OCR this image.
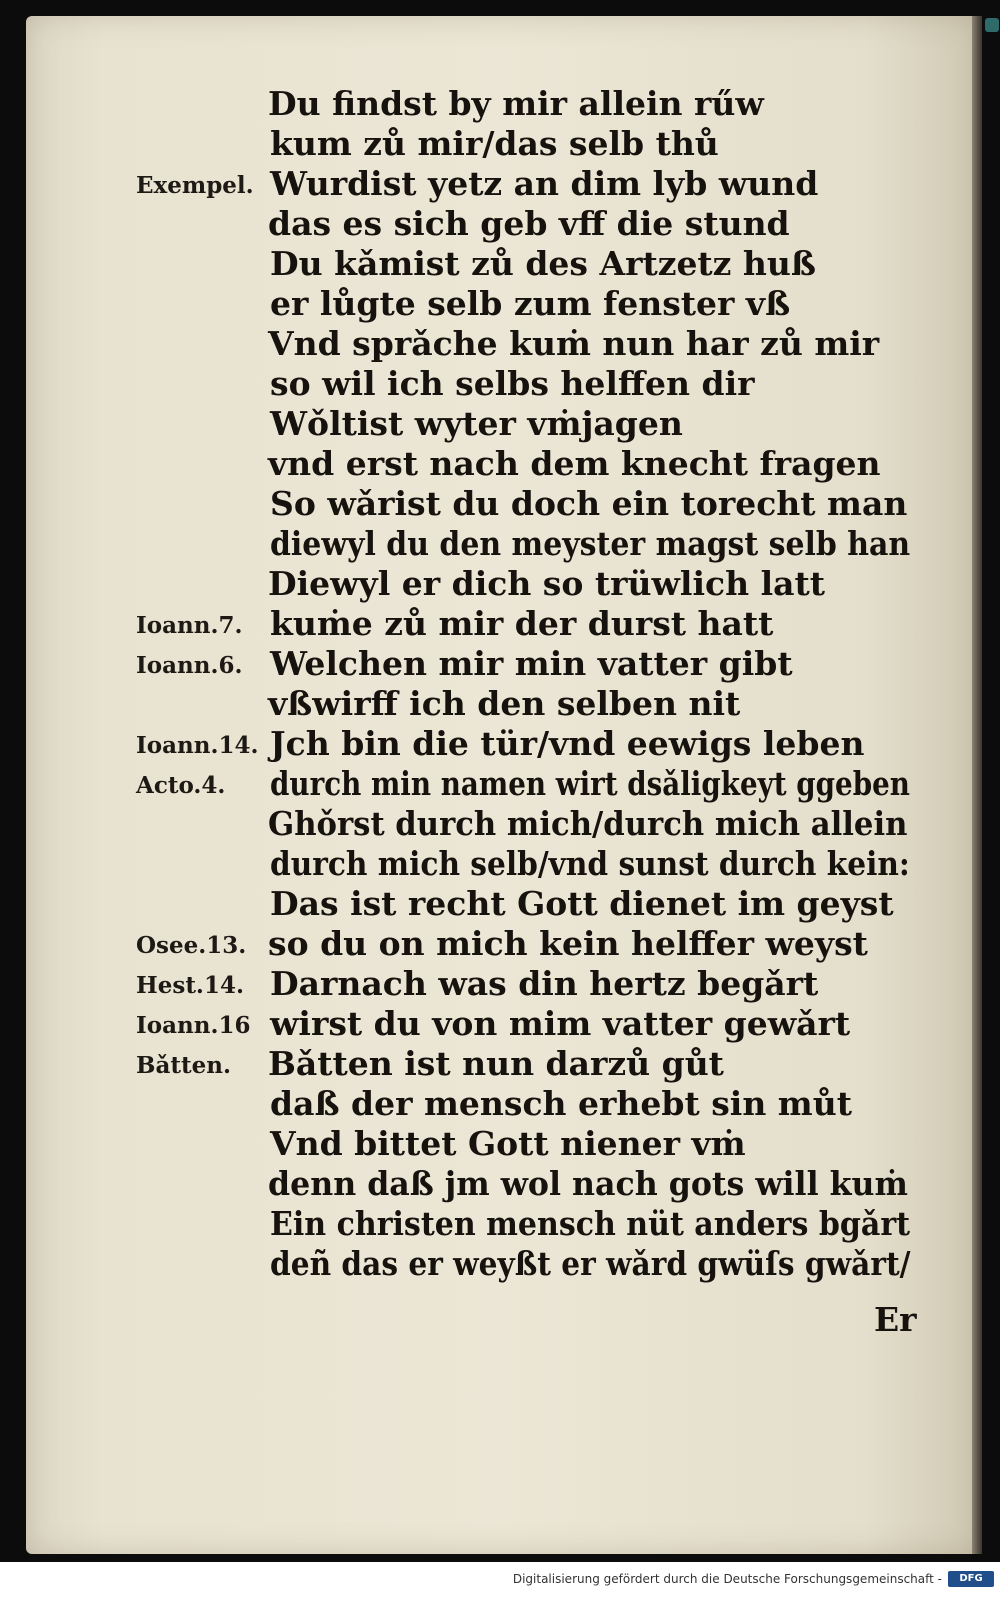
Du findst by mir allein rűw
kum zů mir/das selb thů
Wurdist yetz an dim lyb wund
das es sich geb vff die stund
Du kǎmist zů des Artzetz huß
er lůgte selb zum fenster vß
Vnd sprǎche kuṁ nun har zů mir
so wil ich selbs helffen dir
Wǒltist wyter vṁjagen
vnd erst nach dem knecht fragen
So wǎrist du doch ein torecht man
diewyl du den meyster magst selb han
Diewyl er dich so trüwlich latt
kuṁe zů mir der durst hatt
Welchen mir min vatter gibt
vßwirff ich den selben nit
Jch bin die tür/vnd eewigs leben
durch min namen wirt dsǎligkeyt ggeben
Ghǒrst durch mich/durch mich allein
durch mich selb/vnd sunst durch kein:
Das ist recht Gott dienet im geyst
so du on mich kein helffer weyst
Darnach was din hertz begǎrt
wirst du von mim vatter gewǎrt
Bǎtten ist nun darzů gůt
daß der mensch erhebt sin můt
Vnd bittet Gott niener vṁ
denn daß jm wol nach gots will kuṁ
Ein christen mensch nüt anders bgǎrt
deñ das er weyßt er wǎrd gwüſs gwǎrt/
Exempel.
Ioann.7.
Ioann.6.
Ioann.14.
Acto.4.
Osee.13.
Hest.14.
Ioann.16
Bǎtten.
Er
Digitalisierung gefördert durch die Deutsche Forschungsgemeinschaft -	DFG
